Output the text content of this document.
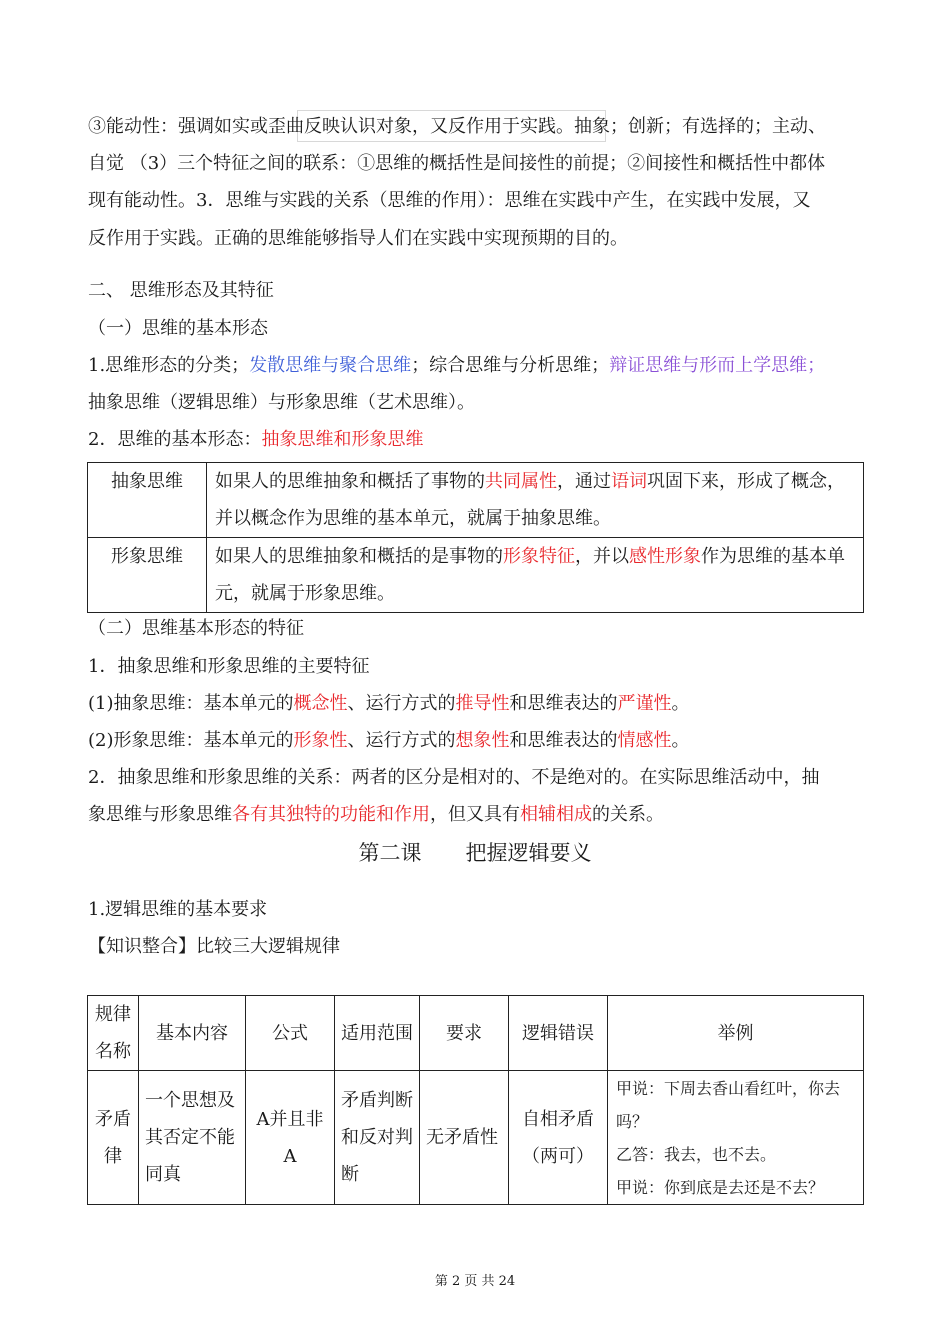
③能动性：强调如实或歪曲反映认识对象，又反作用于实践。抽象；创新；有选择的；主动、

自觉 （3）三个特征之间的联系：①思维的概括性是间接性的前提；②间接性和概括性中都体

现有能动性。3．思维与实践的关系（思维的作用）：思维在实践中产生，在实践中发展，又

反作用于实践。正确的思维能够指导人们在实践中实现预期的目的。

二、 思维形态及其特征

（一）思维的基本形态

1.思维形态的分类；发散思维与聚合思维；综合思维与分析思维；辩证思维与形而上学思维；

抽象思维（逻辑思维）与形象思维（艺术思维）。

2．思维的基本形态：抽象思维和形象思维

抽象思维	如果人的思维抽象和概括了事物的共同属性，通过语词巩固下来，形成了概念，并以概念作为思维的基本单元，就属于抽象思维。
形象思维	如果人的思维抽象和概括的是事物的形象特征，并以感性形象作为思维的基本单元，就属于形象思维。

（二）思维基本形态的特征

1．抽象思维和形象思维的主要特征

(1)抽象思维：基本单元的概念性、运行方式的推导性和思维表达的严谨性。

(2)形象思维：基本单元的形象性、运行方式的想象性和思维表达的情感性。

2．抽象思维和形象思维的关系：两者的区分是相对的、不是绝对的。在实际思维活动中，抽

象思维与形象思维各有其独特的功能和作用，但又具有相辅相成的关系。

第二课 把握逻辑要义

1.逻辑思维的基本要求

【知识整合】比较三大逻辑规律

规律名称	基本内容	公式	适用范围	要求	逻辑错误	举例
矛盾律	一个思想及其否定不能同真	A并且非A	矛盾判断和反对判断	无矛盾性	自相矛盾（两可）	甲说：下周去香山看红叶，你去吗？
乙答：我去，也不去。
甲说：你到底是去还是不去？
第 2 页 共 24
